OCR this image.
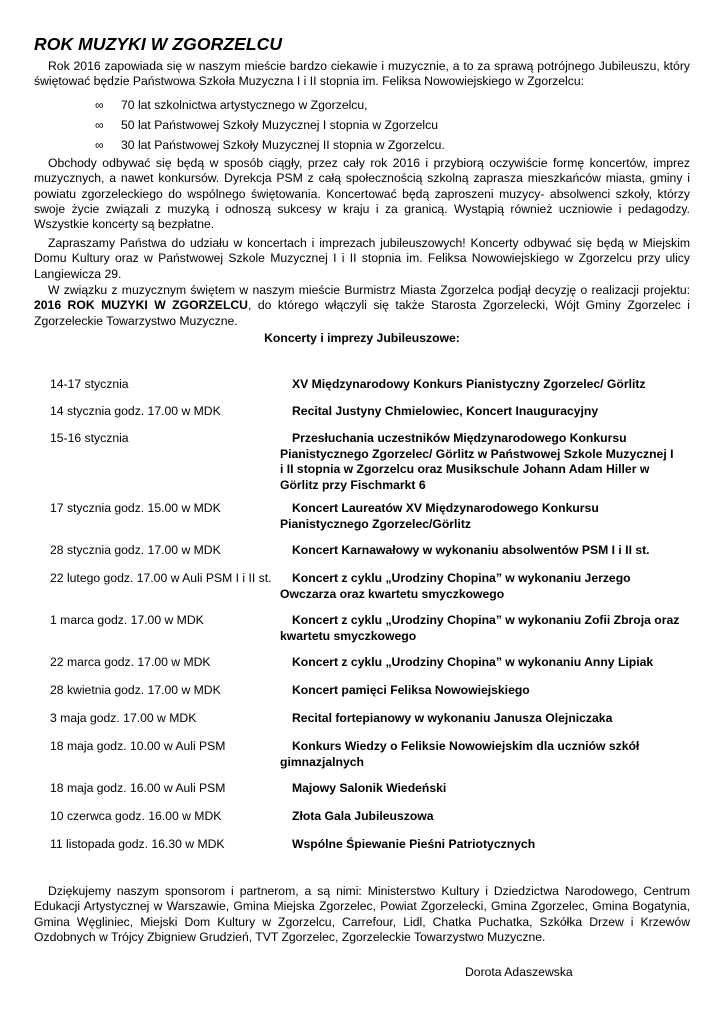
ROK MUZYKI W ZGORZELCU

Rok 2016 zapowiada się w naszym mieście bardzo ciekawie i muzycznie, a to za sprawą potrójnego Jubileuszu, który świętować będzie Państwowa Szkoła Muzyczna I i II stopnia im. Feliksa Nowowiejskiego w Zgorzelcu:

∞ 70 lat szkolnictwa artystycznego w Zgorzelcu,
∞ 50 lat Państwowej Szkoły Muzycznej I stopnia w Zgorzelcu
∞ 30 lat Państwowej Szkoły Muzycznej II stopnia w Zgorzelcu.

Obchody odbywać się będą w sposób ciągły, przez cały rok 2016 i przybiorą oczywiście formę koncertów, imprez muzycznych, a nawet konkursów. Dyrekcja PSM z całą społecznością szkolną zaprasza mieszkańców miasta, gminy i powiatu zgorzeleckiego do wspólnego świętowania. Koncertować będą zaproszeni muzycy- absolwenci szkoły, którzy swoje życie związali z muzyką i odnoszą sukcesy w kraju i za granicą. Wystąpią również uczniowie i pedagodzy. Wszystkie koncerty są bezpłatne.

Zapraszamy Państwa do udziału w koncertach i imprezach jubileuszowych! Koncerty odbywać się będą w Miejskim Domu Kultury oraz w Państwowej Szkole Muzycznej I i II stopnia im. Feliksa Nowowiejskiego w Zgorzelcu przy ulicy Langiewicza 29.

W związku z muzycznym świętem w naszym mieście Burmistrz Miasta Zgorzelca podjął decyzję o realizacji projektu: 2016 ROK MUZYKI W ZGORZELCU, do którego włączyli się także Starosta Zgorzelecki, Wójt Gminy Zgorzelec i Zgorzeleckie Towarzystwo Muzyczne.

Koncerty i imprezy Jubileuszowe:

14-17 stycznia	XV Międzynarodowy Konkurs Pianistyczny Zgorzelec/ Görlitz
14 stycznia godz. 17.00 w MDK	Recital Justyny Chmielowiec, Koncert Inauguracyjny
15-16 stycznia	Przesłuchania uczestników Międzynarodowego Konkursu Pianistycznego Zgorzelec/ Görlitz w Państwowej Szkole Muzycznej I i II stopnia w Zgorzelcu oraz Musikschule Johann Adam Hiller w Görlitz przy Fischmarkt 6
17 stycznia godz. 15.00 w MDK	Koncert Laureatów XV Międzynarodowego Konkursu Pianistycznego Zgorzelec/Görlitz
28 stycznia godz. 17.00 w MDK	Koncert Karnawałowy w wykonaniu absolwentów PSM I i II st.
22 lutego godz. 17.00 w Auli PSM I i II st.	Koncert z cyklu „Urodziny Chopina” w wykonaniu Jerzego Owczarza oraz kwartetu smyczkowego
1 marca godz. 17.00 w MDK	Koncert z cyklu „Urodziny Chopina” w wykonaniu Zofii Zbroja oraz kwartetu smyczkowego
22 marca godz. 17.00 w MDK	Koncert z cyklu „Urodziny Chopina” w wykonaniu Anny Lipiak
28 kwietnia godz. 17.00 w MDK	Koncert pamięci Feliksa Nowowiejskiego
3 maja godz. 17.00 w MDK	Recital fortepianowy w wykonaniu Janusza Olejniczaka
18 maja godz. 10.00 w Auli PSM	Konkurs Wiedzy o Feliksie Nowowiejskim dla uczniów szkół gimnazjalnych
18 maja godz. 16.00 w Auli PSM	Majowy Salonik Wiedeński
10 czerwca godz. 16.00 w MDK	Złota Gala Jubileuszowa
11 listopada godz. 16.30 w MDK	Wspólne Śpiewanie Pieśni Patriotycznych

Dziękujemy naszym sponsorom i partnerom, a są nimi: Ministerstwo Kultury i Dziedzictwa Narodowego, Centrum Edukacji Artystycznej w Warszawie, Gmina Miejska Zgorzelec, Powiat Zgorzelecki, Gmina Zgorzelec, Gmina Bogatynia, Gmina Węgliniec, Miejski Dom Kultury w Zgorzelcu, Carrefour, Lidl, Chatka Puchatka, Szkółka Drzew i Krzewów Ozdobnych w Trójcy Zbigniew Grudzień, TVT Zgorzelec, Zgorzeleckie Towarzystwo Muzyczne.

Dorota Adaszewska
